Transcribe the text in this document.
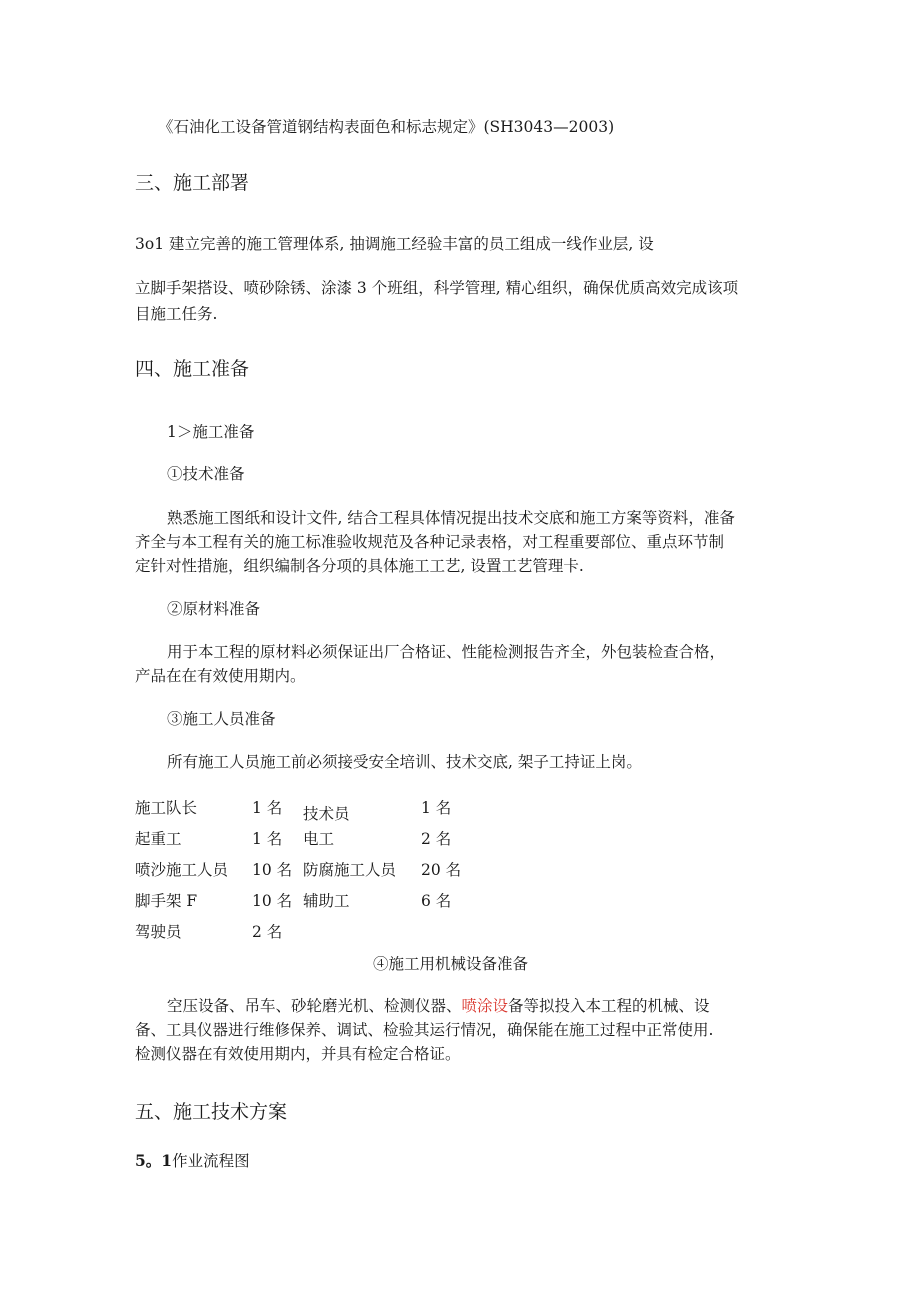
《石油化工设备管道钢结构表面色和标志规定》(SH3043—2003)
三、施工部署
3o1 建立完善的施工管理体系, 抽调施工经验丰富的员工组成一线作业层, 设
立脚手架搭设、喷砂除锈、涂漆 3 个班组，科学管理, 精心组织，确保优质高效完成该项
目施工任务.
四、施工准备
1＞施工准备
①技术准备
熟悉施工图纸和设计文件, 结合工程具体情况提出技术交底和施工方案等资料，准备
齐全与本工程有关的施工标准验收规范及各种记录表格，对工程重要部位、重点环节制
定针对性措施，组织编制各分项的具体施工工艺, 设置工艺管理卡.
②原材料准备
用于本工程的原材料必须保证出厂合格证、性能检测报告齐全，外包装检查合格，
产品在在有效使用期内。
③施工人员准备
所有施工人员施工前必须接受安全培训、技术交底, 架子工持证上岗。
施工队长	1 名 技术员	1 名
起重工	1 名 电工	2 名
喷沙施工人员 10 名 防腐施工人员 20 名
脚手架 F	10 名 辅助工	6 名
驾驶员	2 名
④施工用机械设备准备
空压设备、吊车、砂轮磨光机、检测仪器、喷涂设备等拟投入本工程的机械、设
备、工具仪器进行维修保养、调试、检验其运行情况，确保能在施工过程中正常使用.
检测仪器在有效使用期内，并具有检定合格证。
五、施工技术方案
5。1作业流程图
